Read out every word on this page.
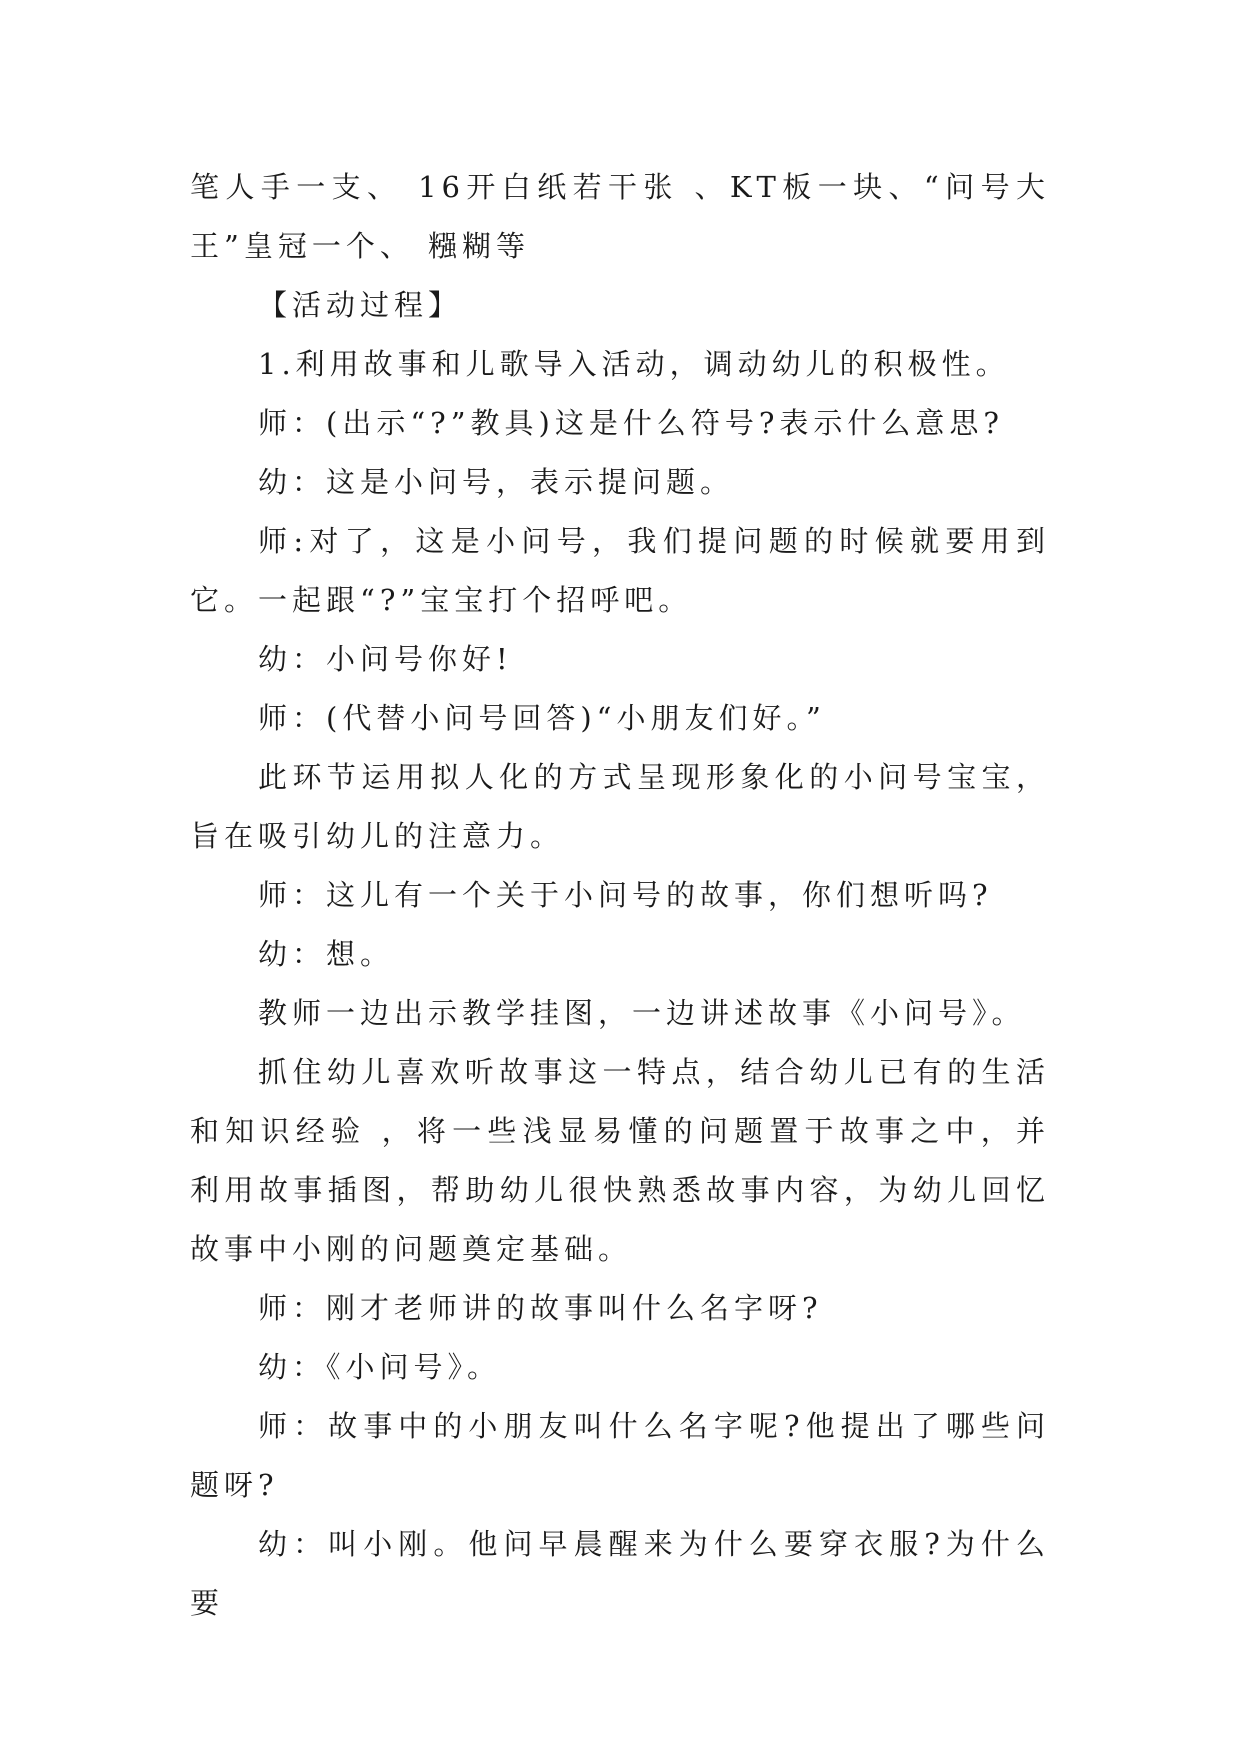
笔人手一支、 16开白纸若干张 、KT板一块、“问号大王”皇冠一个、 糨糊等

【活动过程】

1.利用故事和儿歌导入活动，调动幼儿的积极性。

师：(出示“?”教具)这是什么符号?表示什么意思?

幼：这是小问号，表示提问题。

师:对了，这是小问号，我们提问题的时候就要用到它。一起跟“?”宝宝打个招呼吧。

幼：小问号你好!

师：(代替小问号回答)“小朋友们好。”

此环节运用拟人化的方式呈现形象化的小问号宝宝，旨在吸引幼儿的注意力。

师：这儿有一个关于小问号的故事，你们想听吗?

幼：想。

教师一边出示教学挂图，一边讲述故事《小问号》。

抓住幼儿喜欢听故事这一特点，结合幼儿已有的生活和知识经验 ，将一些浅显易懂的问题置于故事之中，并利用故事插图，帮助幼儿很快熟悉故事内容，为幼儿回忆故事中小刚的问题奠定基础。

师：刚才老师讲的故事叫什么名字呀?

幼：《小问号》。

师：故事中的小朋友叫什么名字呢?他提出了哪些问题呀?

幼：叫小刚。他问早晨醒来为什么要穿衣服?为什么要
